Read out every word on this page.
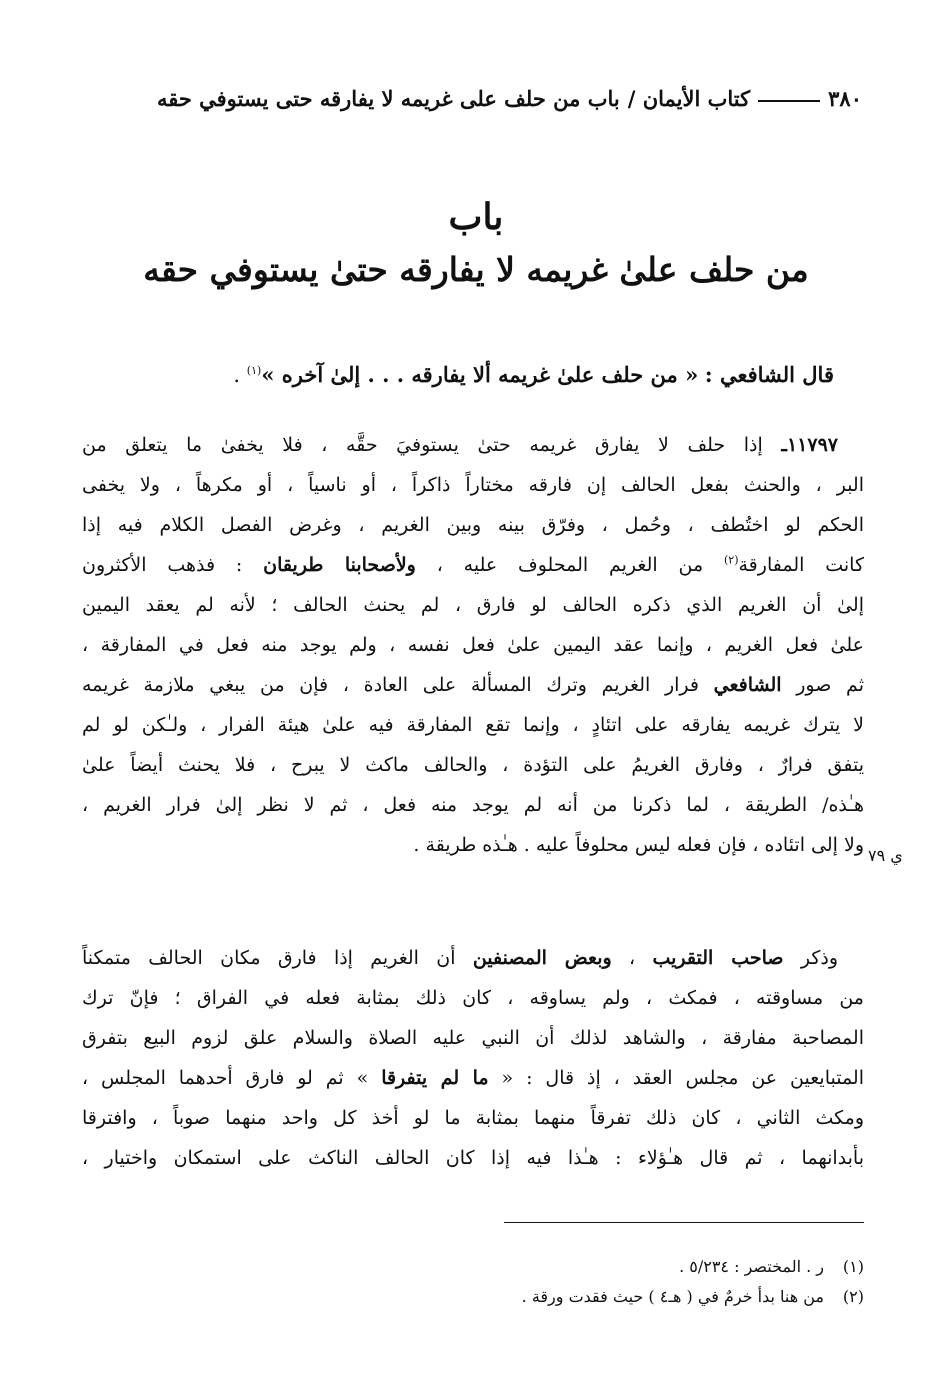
٣٨٠
كتاب الأيمان /
باب من حلف على غريمه لا يفارقه حتى يستوفي حقه
باب
من حلف علىٰ غريمه لا يفارقه حتىٰ يستوفي حقه
قال الشافعي : « من حلف علىٰ غريمه ألا يفارقه . . . إلىٰ آخره »$^{(١)}$ .
١١٧٩٧ـ إذا حلف لا يفارق غريمه حتىٰ يستوفيَ حقَّه ، فلا يخفىٰ ما يتعلق من
البر ، والحنث بفعل الحالف إن فارقه مختاراً ذاكراً ، أو ناسياً ، أو مكرهاً ، ولا يخفى
الحكم لو اختُطف ، وحُمل ، وفرّق بينه وبين الغريم ، وغرض الفصل الكلام فيه إذا
كانت المفارقة$^{(٢)}$ من الغريم المحلوف عليه ، ولأصحابنا طريقان : فذهب الأكثرون
إلىٰ أن الغريم الذي ذكره الحالف لو فارق ، لم يحنث الحالف ؛ لأنه لم يعقد اليمين
علىٰ فعل الغريم ، وإنما عقد اليمين علىٰ فعل نفسه ، ولم يوجد منه فعل في المفارقة ،
ثم صور الشافعي فرار الغريم وترك المسألة على العادة ، فإن من يبغي ملازمة غريمه
لا يترك غريمه يفارقه على اتئادٍ ، وإنما تقع المفارقة فيه علىٰ هيئة الفرار ، ولـٰكن لو لم
يتفق فرارٌ ، وفارق الغريمُ على التؤدة ، والحالف ماكث لا يبرح ، فلا يحنث أيضاً علىٰ
هـٰذه/ الطريقة ، لما ذكرنا من أنه لم يوجد منه فعل ، ثم لا نظر إلىٰ فرار الغريم ،
ولا إلى اتئاده ، فإن فعله ليس محلوفاً عليه . هـٰذه طريقة . ي ٧٩
وذكر صاحب التقريب ، وبعض المصنفين أن الغريم إذا فارق مكان الحالف متمكناً
من مساوقته ، فمكث ، ولم يساوقه ، كان ذلك بمثابة فعله في الفراق ؛ فإنّ ترك
المصاحبة مفارقة ، والشاهد لذلك أن النبي عليه الصلاة والسلام علق لزوم البيع بتفرق
المتبايعين عن مجلس العقد ، إذ قال : « ما لم يتفرقا » ثم لو فارق أحدهما المجلس ،
ومكث الثاني ، كان ذلك تفرقاً منهما بمثابة ما لو أخذ كل واحد منهما صوباً ، وافترقا
بأبدانهما ، ثم قال هـٰؤلاء : هـٰذا فيه إذا كان الحالف الناكث على استمكان واختيار ،
(١)ر . المختصر : ٥/٢٣٤ .
(٢)من هنا بدأ خرمٌ في ( هـ٤ ) حيث فقدت ورقة .
